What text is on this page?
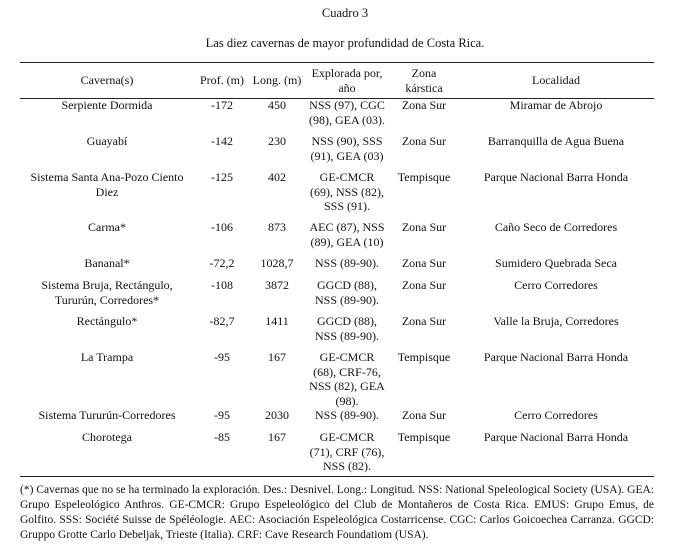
Cuadro 3
Las diez cavernas de mayor profundidad de Costa Rica.
Caverna(s)	Prof. (m)	Long. (m)	Explorada por, año	Zona kárstica	Localidad
Serpiente Dormida	-172	450	NSS (97), CGC (98), GEA (03).	Zona Sur	Miramar de Abrojo
Guayabí	-142	230	NSS (90), SSS (91), GEA (03)	Zona Sur	Barranquilla de Agua Buena
Sistema Santa Ana-Pozo Ciento Diez	-125	402	GE-CMCR (69), NSS (82), SSS (91).	Tempisque	Parque Nacional Barra Honda
Carma*	-106	873	AEC (87), NSS (89), GEA (10)	Zona Sur	Caño Seco de Corredores
Bananal*	-72,2	1028,7	NSS (89-90).	Zona Sur	Sumidero Quebrada Seca
Sistema Bruja, Rectángulo, Tururún, Corredores*	-108	3872	GGCD (88), NSS (89-90).	Zona Sur	Cerro Corredores
Rectángulo*	-82,7	1411	GGCD (88), NSS (89-90).	Zona Sur	Valle la Bruja, Corredores
La Trampa	-95	167	GE-CMCR (68), CRF-76, NSS (82), GEA (98).	Tempisque	Parque Nacional Barra Honda
Sistema Tururún-Corredores	-95	2030	NSS (89-90).	Zona Sur	Cerro Corredores
Chorotega	-85	167	GE-CMCR (71), CRF (76), NSS (82).	Tempisque	Parque Nacional Barra Honda
(*) Cavernas que no se ha terminado la exploración. Des.: Desnivel. Long.: Longitud. NSS: National Speleological Society (USA). GEA: Grupo Espeleológico Anthros. GE-CMCR: Grupo Espeleológico del Club de Montañeros de Costa Rica. EMUS: Grupo Emus, de Golfito. SSS: Société Suisse de Spéléologie. AEC: Asociación Espeleológica Costarricense. CGC: Carlos Goicoechea Carranza. GGCD: Gruppo Grotte Carlo Debeljak, Trieste (Italia). CRF: Cave Research Foundatiom (USA).
